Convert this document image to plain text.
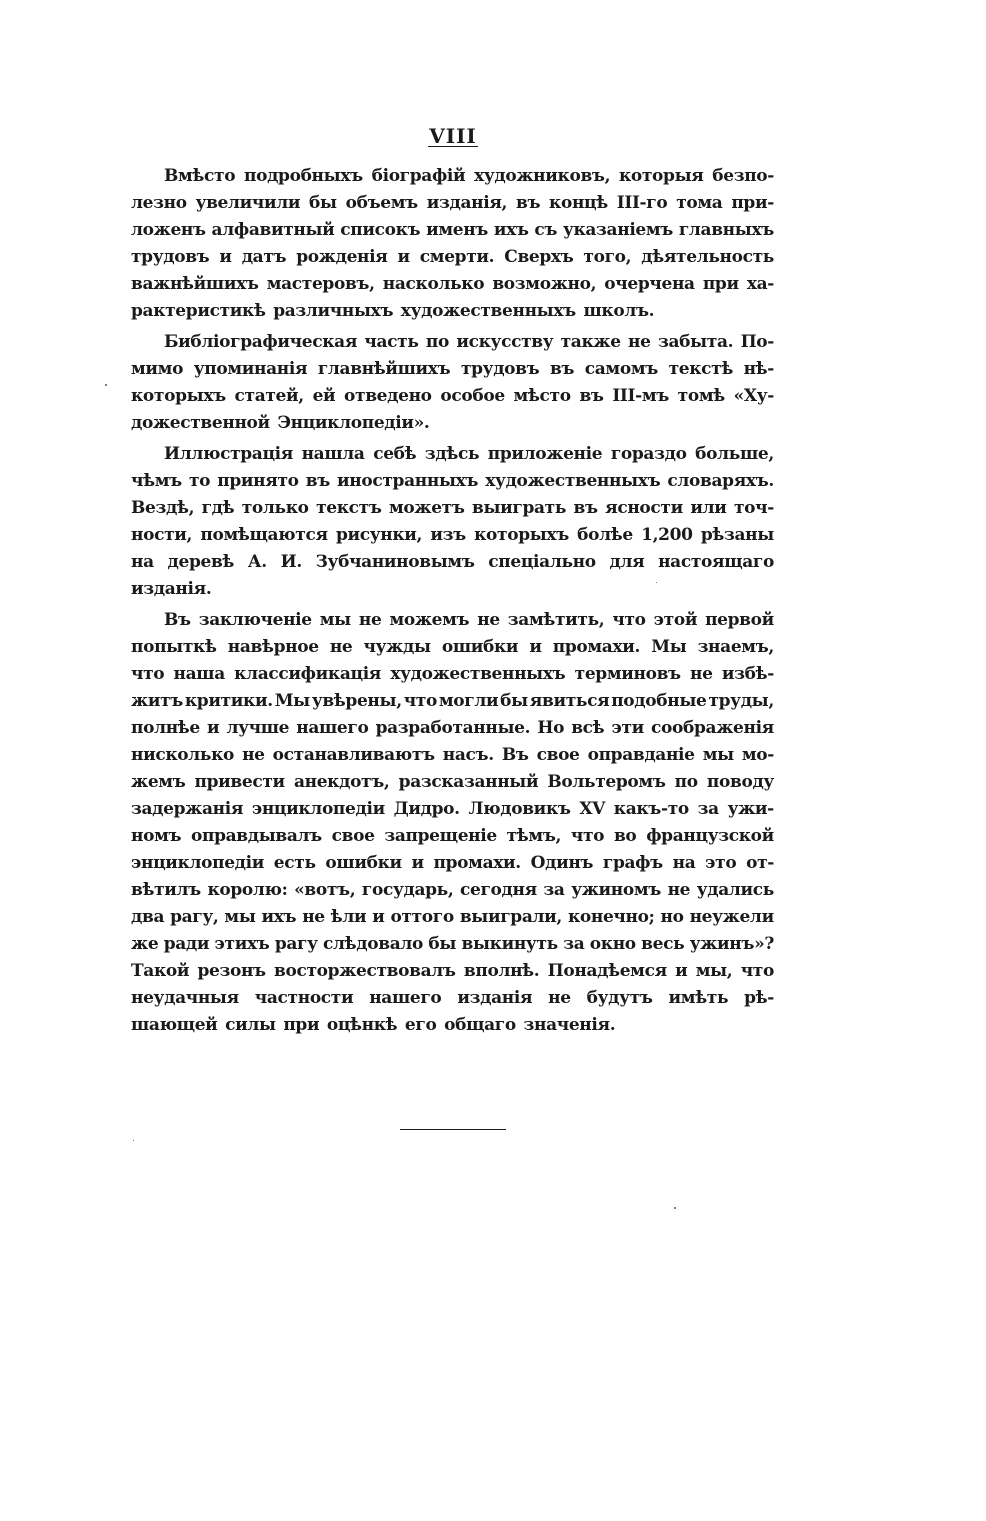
VIII
Вмѣсто подробныхъ біографій художниковъ, которыя безпо-
лезно увеличили бы объемъ изданія, въ концѣ III-го тома при-
ложенъ алфавитный списокъ именъ ихъ съ указаніемъ главныхъ
трудовъ и датъ рожденія и смерти. Сверхъ того, дѣятельность
важнѣйшихъ мастеровъ, насколько возможно, очерчена при ха-
рактеристикѣ различныхъ художественныхъ школъ.
Библіографическая часть по искусству также не забыта. По-
мимо упоминанія главнѣйшихъ трудовъ въ самомъ текстѣ нѣ-
которыхъ статей, ей отведено особое мѣсто въ III-мъ томѣ «Ху-
дожественной Энциклопедіи».
Иллюстрація нашла себѣ здѣсь приложеніе гораздо больше,
чѣмъ то принято въ иностранныхъ художественныхъ словаряхъ.
Вездѣ, гдѣ только текстъ можетъ выиграть въ ясности или точ-
ности, помѣщаются рисунки, изъ которыхъ болѣе 1,200 рѣзаны
на деревѣ А. И. Зубчаниновымъ спеціально для настоящаго
изданія.
Въ заключеніе мы не можемъ не замѣтить, что этой первой
попыткѣ навѣрное не чужды ошибки и промахи. Мы знаемъ,
что наша классификація художественныхъ терминовъ не избѣ-
житъ критики. Мы увѣрены, что могли бы явиться подобные труды,
полнѣе и лучше нашего разработанные. Но всѣ эти соображенія
нисколько не останавливаютъ насъ. Въ свое оправданіе мы мо-
жемъ привести анекдотъ, разсказанный Вольтеромъ по поводу
задержанія энциклопедіи Дидро. Людовикъ XV какъ-то за ужи-
номъ оправдывалъ свое запрещеніе тѣмъ, что во французской
энциклопедіи есть ошибки и промахи. Одинъ графъ на это от-
вѣтилъ королю: «вотъ, государь, сегодня за ужиномъ не удались
два рагу, мы ихъ не ѣли и оттого выиграли, конечно; но неужели
же ради этихъ рагу слѣдовало бы выкинуть за окно весь ужинъ»?
Такой резонъ восторжествовалъ вполнѣ. Понадѣемся и мы, что
неудачныя частности нашего изданія не будутъ имѣть рѣ-
шающей силы при оцѣнкѣ его общаго значенія.
